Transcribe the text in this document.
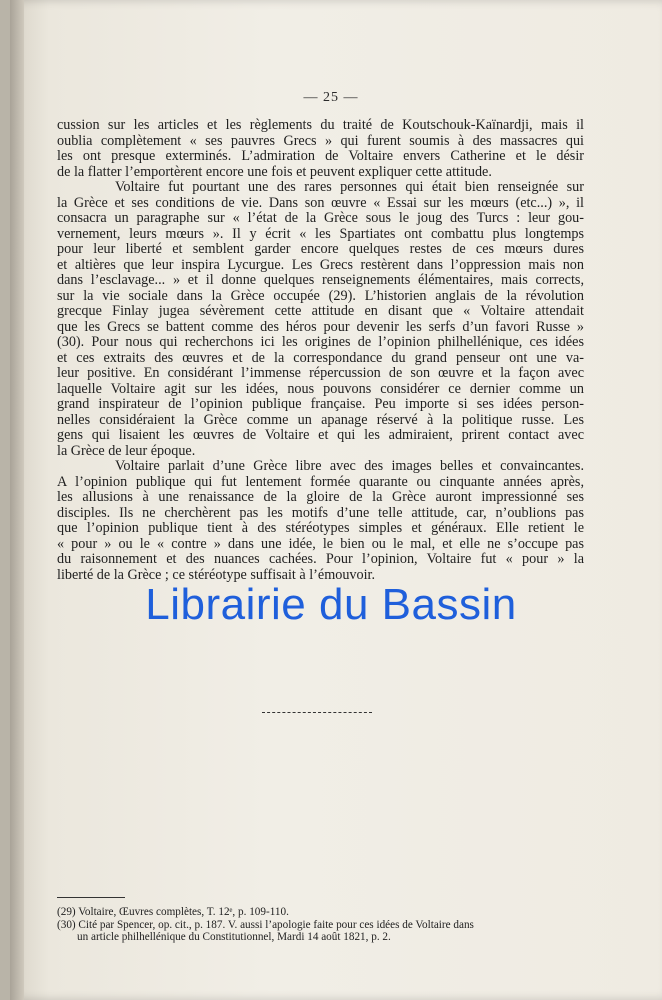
— 25 —
cussion sur les articles et les règlements du traité de Koutschouk-Kaïnardji, mais il
oublia complètement « ses pauvres Grecs » qui furent soumis à des massacres qui
les ont presque exterminés. L’admiration de Voltaire envers Catherine et le désir
de la flatter l’emportèrent encore une fois et peuvent expliquer cette attitude.
Voltaire fut pourtant une des rares personnes qui était bien renseignée sur
la Grèce et ses conditions de vie. Dans son œuvre « Essai sur les mœurs (etc...) », il
consacra un paragraphe sur « l’état de la Grèce sous le joug des Turcs : leur gou-
vernement, leurs mœurs ». Il y écrit « les Spartiates ont combattu plus longtemps
pour leur liberté et semblent garder encore quelques restes de ces mœurs dures
et altières que leur inspira Lycurgue. Les Grecs restèrent dans l’oppression mais non
dans l’esclavage... » et il donne quelques renseignements élémentaires, mais corrects,
sur la vie sociale dans la Grèce occupée (29). L’historien anglais de la révolution
grecque Finlay jugea sévèrement cette attitude en disant que « Voltaire attendait
que les Grecs se battent comme des héros pour devenir les serfs d’un favori Russe »
(30). Pour nous qui recherchons ici les origines de l’opinion philhellénique, ces idées
et ces extraits des œuvres et de la correspondance du grand penseur ont une va-
leur positive. En considérant l’immense répercussion de son œuvre et la façon avec
laquelle Voltaire agit sur les idées, nous pouvons considérer ce dernier comme un
grand inspirateur de l’opinion publique française. Peu importe si ses idées person-
nelles considéraient la Grèce comme un apanage réservé à la politique russe. Les
gens qui lisaient les œuvres de Voltaire et qui les admiraient, prirent contact avec
la Grèce de leur époque.
Voltaire parlait d’une Grèce libre avec des images belles et convaincantes.
A l’opinion publique qui fut lentement formée quarante ou cinquante années après,
les allusions à une renaissance de la gloire de la Grèce auront impressionné ses
disciples. Ils ne cherchèrent pas les motifs d’une telle attitude, car, n’oublions pas
que l’opinion publique tient à des stéréotypes simples et généraux. Elle retient le
« pour » ou le « contre » dans une idée, le bien ou le mal, et elle ne s’occupe pas
du raisonnement et des nuances cachées. Pour l’opinion, Voltaire fut « pour » la
liberté de la Grèce ; ce stéréotype suffisait à l’émouvoir.
(29) Voltaire, Œuvres complètes, T. 12ᵉ, p. 109-110.
(30) Cité par Spencer, op. cit., p. 187. V. aussi l’apologie faite pour ces idées de Voltaire dans
un article philhellénique du Constitutionnel, Mardi 14 août 1821, p. 2.
Librairie du Bassin
